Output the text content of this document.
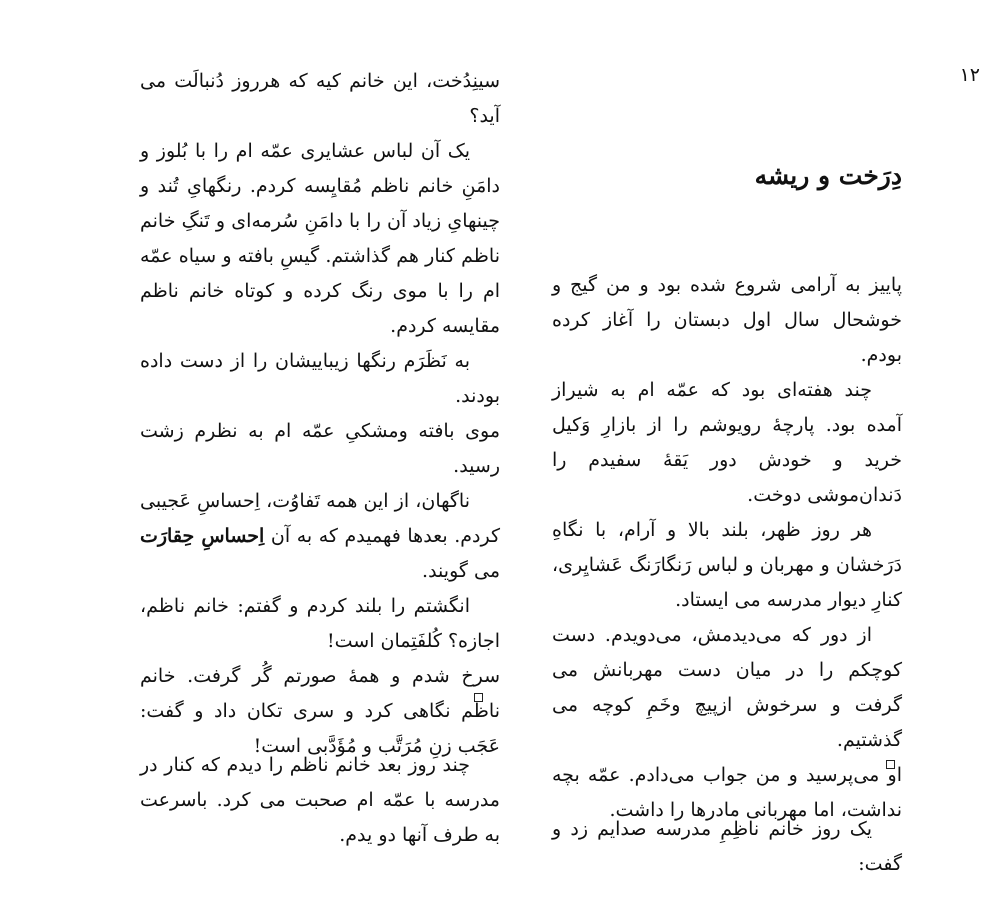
۱۲
دِرَخت و ریشه

پاییز به آرامی شروع شده بود و من گیج و خوشحال سال اول دبستان را آغاز کرده بودم.

چند هفته‌ای بود که عمّه ام به شیراز آمده بود. پارچهٔ رویوشم را از بازارِ وَکیل خرید و خودش دور یَقهٔ سفیدم را دَندان‌موشی دوخت.

هر روز ظهر، بلند بالا و آرام، با نگاهِ دَرَخشان و مهربان و لباس رَنگارَنگ عَشایِری، کنارِ دیوار مدرسه می ایستاد.

از دور که می‌دیدمش، می‌دویدم. دست کوچکم را در میان دست مهربانش می گرفت و سرخوش ازپیچ وخَمِ کوچه می گذشتیم.

او می‌پرسید و من جواب می‌دادم. عمّه بچه نداشت، اما مهربانی مادرها را داشت.

یک روز خانم ناظِمِ مدرسه صدایم زد و گفت:

سینِدُخت، این خانم کیه که هرروز دُنبالَت می آید؟

یک آن لباس عشایری عمّه ام را با بُلوز و دامَنِ خانم ناظم مُقایِسه کردم. رنگهایِ تُند و چینهایِ زیاد آن را با دامَنِ سُرمه‌ای و تَنگِ خانم ناظم کنار هم گذاشتم. گیسِ بافته و سیاه عمّه ام را با موی رنگ کرده و کوتاه خانم ناظم مقایسه کردم.

به نَظَرَم رنگها زیباییشان را از دست داده بودند.

موی بافته ومشکیِ عمّه ام به نظرم زشت رسید.

ناگهان، از این همه تَفاوُت، اِحساسِ عَجیبی کردم. بعدها فهمیدم که به آن اِحساسِ حِقارَت می گویند.

انگشتم را بلند کردم و گفتم: خانم ناظم، اجازه؟ کُلفَتِمان است!

سرخ شدم و همهٔ صورتم گُر گرفت. خانم ناظم نگاهی کرد و سری تکان داد و گفت: عَجَب زنِ مُرَتَّب و مُؤَدَّبی است!

چند روز بعد خانم ناظم را دیدم که کنار در مدرسه با عمّه ام صحبت می کرد. باسرعت به طرف آنها دو یدم.
